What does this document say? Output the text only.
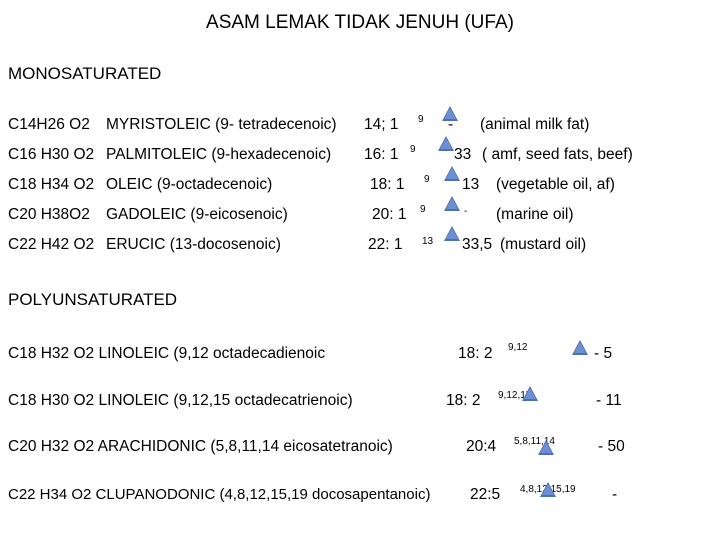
ASAM LEMAK TIDAK JENUH (UFA)
MONOSATURATED
C14H26 O2 MYRISTOLEIC (9- tetradecenoic) 14; 1 9 - (animal milk fat)
C16 H30 O2 PALMITOLEIC (9-hexadecenoic) 16: 1 9 33 ( amf, seed fats, beef)
C18 H34 O2 OLEIC (9-octadecenoic)	18: 1 9 13 (vegetable oil, af)
C20 H38O2 GADOLEIC (9-eicosenoic)	20: 1 9	- (marine oil)
C22 H42 O2 ERUCIC (13-docosenoic)	22: 1 13 33,5 (mustard oil)
POLYUNSATURATED
C18 H32 O2 LINOLEIC (9,12 octadecadienoic	18: 2 9,12	- 5
C18 H30 O2 LINOLEIC (9,12,15 octadecatrienoic)	18: 2 9,12,15	- 11
C20 H32 O2 ARACHIDONIC (5,8,11,14 eicosatetranoic)	20:4 5,8,11,14	- 50
C22 H34 O2 CLUPANODONIC (4,8,12,15,19 docosapentanoic)	22:5 4,8,12,15,19 -
